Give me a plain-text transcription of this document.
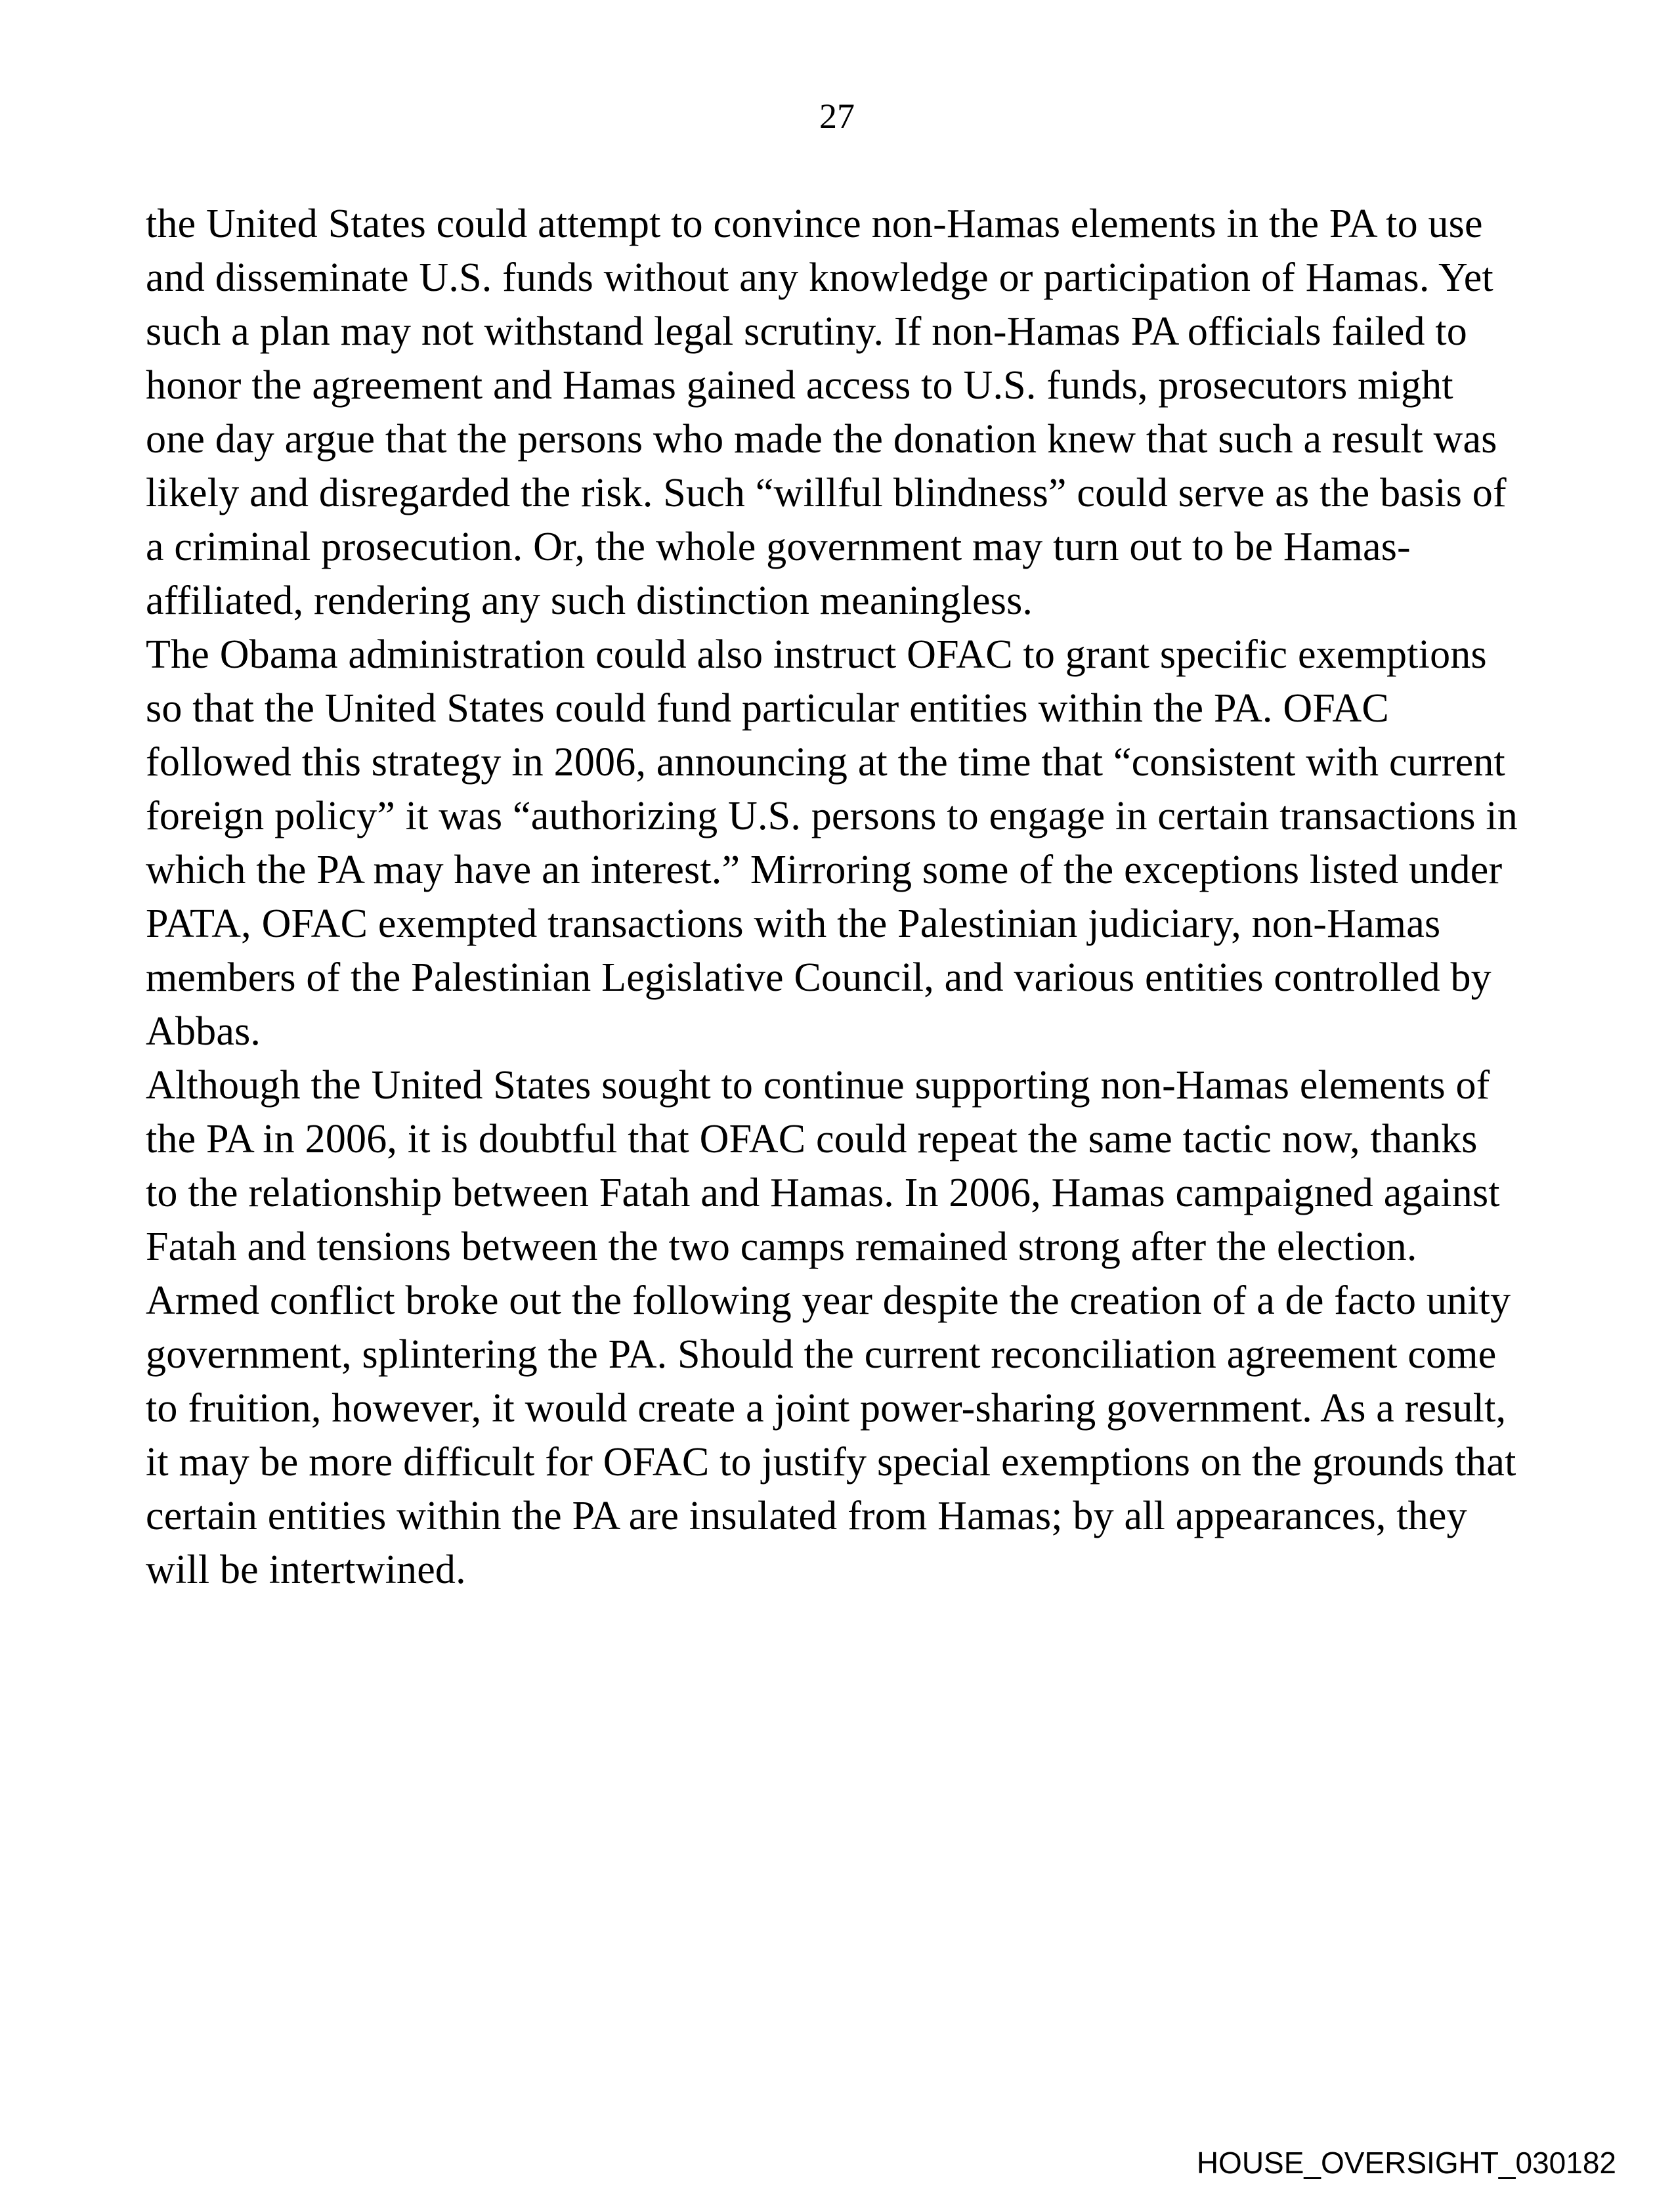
27

the United States could attempt to convince non-Hamas elements in the PA to use and disseminate U.S. funds without any knowledge or participation of Hamas. Yet such a plan may not withstand legal scrutiny. If non-Hamas PA officials failed to honor the agreement and Hamas gained access to U.S. funds, prosecutors might one day argue that the persons who made the donation knew that such a result was likely and disregarded the risk. Such “willful blindness” could serve as the basis of a criminal prosecution. Or, the whole government may turn out to be Hamas-affiliated, rendering any such distinction meaningless.

The Obama administration could also instruct OFAC to grant specific exemptions so that the United States could fund particular entities within the PA. OFAC followed this strategy in 2006, announcing at the time that “consistent with current foreign policy” it was “authorizing U.S. persons to engage in certain transactions in which the PA may have an interest.” Mirroring some of the exceptions listed under PATA, OFAC exempted transactions with the Palestinian judiciary, non-Hamas members of the Palestinian Legislative Council, and various entities controlled by Abbas.

Although the United States sought to continue supporting non-Hamas elements of the PA in 2006, it is doubtful that OFAC could repeat the same tactic now, thanks to the relationship between Fatah and Hamas. In 2006, Hamas campaigned against Fatah and tensions between the two camps remained strong after the election. Armed conflict broke out the following year despite the creation of a de facto unity government, splintering the PA. Should the current reconciliation agreement come to fruition, however, it would create a joint power-sharing government. As a result, it may be more difficult for OFAC to justify special exemptions on the grounds that certain entities within the PA are insulated from Hamas; by all appearances, they will be intertwined.

HOUSE_OVERSIGHT_030182
